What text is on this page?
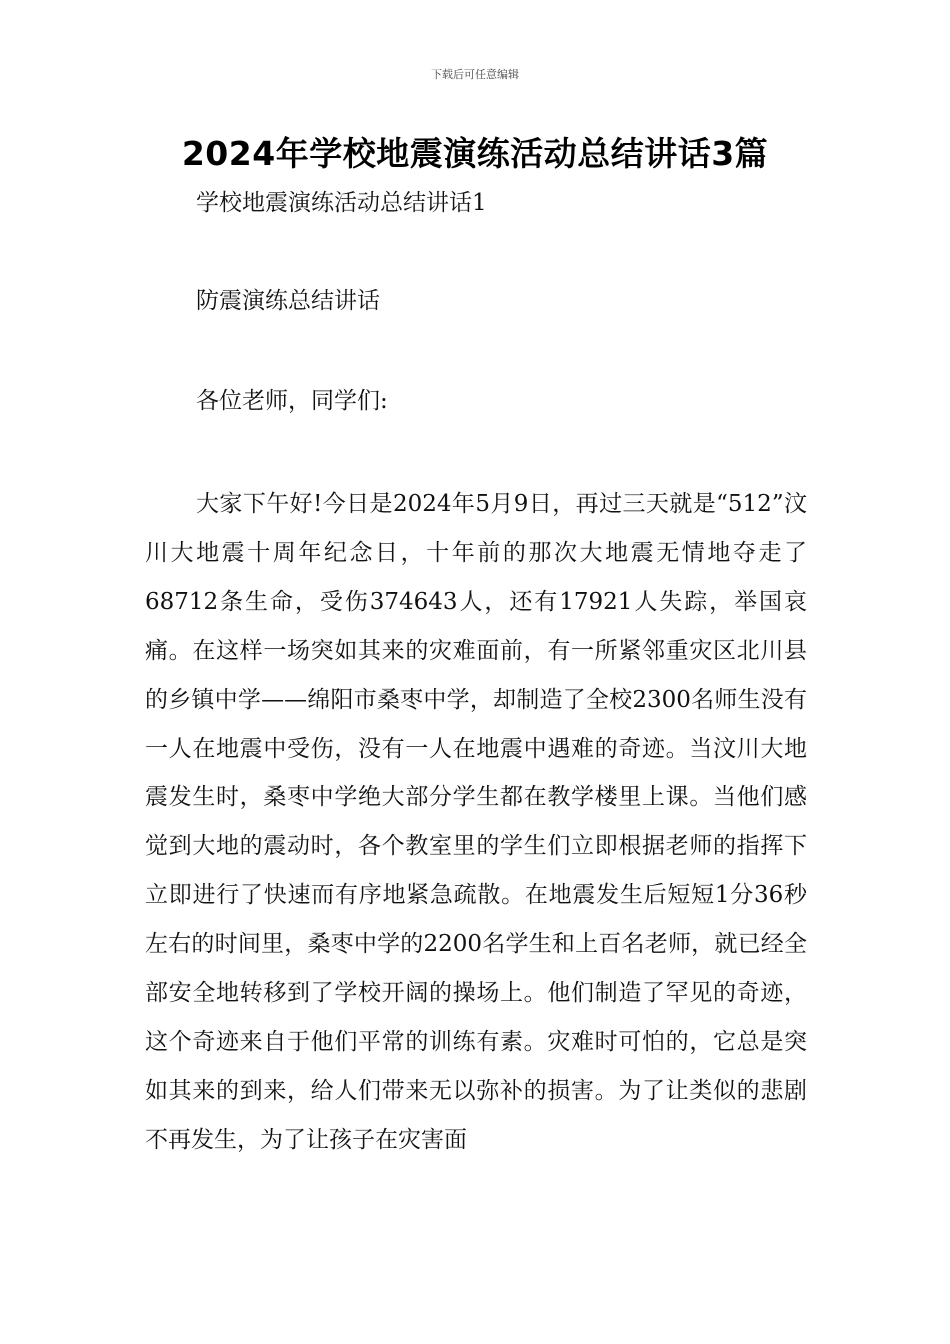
下载后可任意编辑
2024年学校地震演练活动总结讲话3篇
学校地震演练活动总结讲话1
防震演练总结讲话
各位老师，同学们:

大家下午好!今日是2024年5月9日，再过三天就是“512”汶川大地震十周年纪念日，十年前的那次大地震无情地夺走了68712条生命，受伤374643人，还有17921人失踪，举国哀痛。在这样一场突如其来的灾难面前，有一所紧邻重灾区北川县的乡镇中学——绵阳市桑枣中学，却制造了全校2300名师生没有一人在地震中受伤，没有一人在地震中遇难的奇迹。当汶川大地震发生时，桑枣中学绝大部分学生都在教学楼里上课。当他们感觉到大地的震动时，各个教室里的学生们立即根据老师的指挥下立即进行了快速而有序地紧急疏散。在地震发生后短短1分36秒左右的时间里，桑枣中学的2200名学生和上百名老师，就已经全部安全地转移到了学校开阔的操场上。他们制造了罕见的奇迹，这个奇迹来自于他们平常的训练有素。灾难时可怕的，它总是突如其来的到来，给人们带来无以弥补的损害。为了让类似的悲剧不再发生，为了让孩子在灾害面
